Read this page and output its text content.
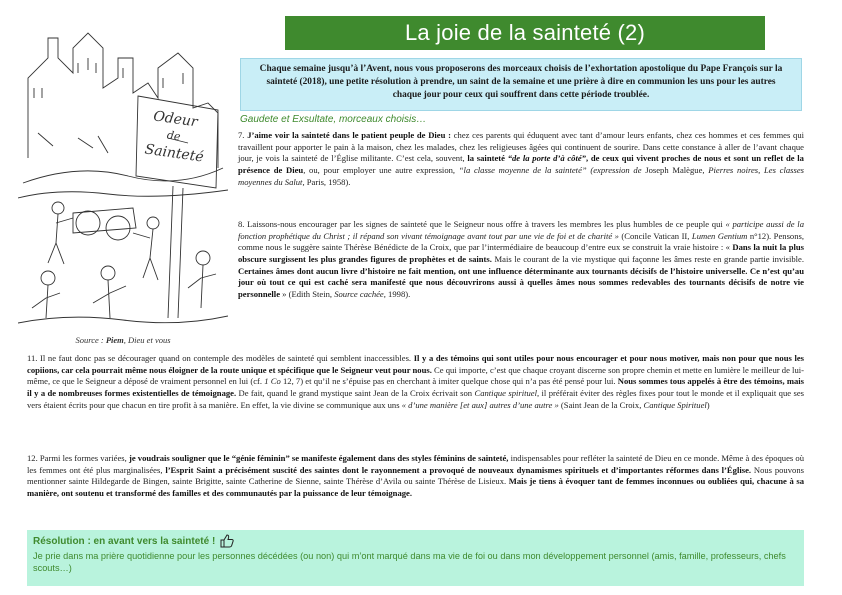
La joie de la sainteté (2)
Odeur
de
Sainteté
Source : Piem, Dieu et vous
Chaque semaine jusqu’à l’Avent, nous vous proposerons des morceaux choisis de l’exhortation apostolique du Pape François sur la sainteté (2018), une petite résolution à prendre, un saint de la semaine et une prière à dire en communion les uns pour les autres chaque jour pour ceux qui souffrent dans cette période troublée.
Gaudete et Exsultate, morceaux choisis…
7. J’aime voir la sainteté dans le patient peuple de Dieu : chez ces parents qui éduquent avec tant d’amour leurs enfants, chez ces hommes et ces femmes qui travaillent pour apporter le pain à la maison, chez les malades, chez les religieuses âgées qui continuent de sourire. Dans cette constance à aller de l’avant chaque jour, je vois la sainteté de l’Église militante. C’est cela, souvent, la sainteté “de la porte d’à côté”, de ceux qui vivent proches de nous et sont un reflet de la présence de Dieu, ou, pour employer une autre expression, “la classe moyenne de la sainteté” (expression de Joseph Malègue, Pierres noires, Les classes moyennes du Salut, Paris, 1958).
8. Laissons-nous encourager par les signes de sainteté que le Seigneur nous offre à travers les membres les plus humbles de ce peuple qui « participe aussi de la fonction prophétique du Christ ; il répand son vivant témoignage avant tout par une vie de foi et de charité » (Concile Vatican II, Lumen Gentium n°12). Pensons, comme nous le suggère sainte Thérèse Bénédicte de la Croix, que par l’intermédiaire de beaucoup d’entre eux se construit la vraie histoire : « Dans la nuit la plus obscure surgissent les plus grandes figures de prophètes et de saints. Mais le courant de la vie mystique qui façonne les âmes reste en grande partie invisible. Certaines âmes dont aucun livre d’histoire ne fait mention, ont une influence déterminante aux tournants décisifs de l’histoire universelle. Ce n’est qu’au jour où tout ce qui est caché sera manifesté que nous découvrirons aussi à quelles âmes nous sommes redevables des tournants décisifs de notre vie personnelle » (Edith Stein, Source cachée, 1998).
11. Il ne faut donc pas se décourager quand on contemple des modèles de sainteté qui semblent inaccessibles. Il y a des témoins qui sont utiles pour nous encourager et pour nous motiver, mais non pour que nous les copiions, car cela pourrait même nous éloigner de la route unique et spécifique que le Seigneur veut pour nous. Ce qui importe, c’est que chaque croyant discerne son propre chemin et mette en lumière le meilleur de lui-même, ce que le Seigneur a déposé de vraiment personnel en lui (cf. 1 Co 12, 7) et qu’il ne s’épuise pas en cherchant à imiter quelque chose qui n’a pas été pensé pour lui. Nous sommes tous appelés à être des témoins, mais il y a de nombreuses formes existentielles de témoignage. De fait, quand le grand mystique saint Jean de la Croix écrivait son Cantique spirituel, il préférait éviter des règles fixes pour tout le monde et il expliquait que ses vers étaient écrits pour que chacun en tire profit à sa manière. En effet, la vie divine se communique aux uns « d’une manière [et aux] autres d’une autre » (Saint Jean de la Croix, Cantique Spirituel)
12. Parmi les formes variées, je voudrais souligner que le “génie féminin” se manifeste également dans des styles féminins de sainteté, indispensables pour refléter la sainteté de Dieu en ce monde. Même à des époques où les femmes ont été plus marginalisées, l’Esprit Saint a précisément suscité des saintes dont le rayonnement a provoqué de nouveaux dynamismes spirituels et d’importantes réformes dans l’Église. Nous pouvons mentionner sainte Hildegarde de Bingen, sainte Brigitte, sainte Catherine de Sienne, sainte Thérèse d’Avila ou sainte Thérèse de Lisieux. Mais je tiens à évoquer tant de femmes inconnues ou oubliées qui, chacune à sa manière, ont soutenu et transformé des familles et des communautés par la puissance de leur témoignage.
Résolution : en avant vers la sainteté !
Je prie dans ma prière quotidienne pour les personnes décédées (ou non) qui m’ont marqué dans ma vie de foi ou dans mon développement personnel (amis, famille, professeurs, chefs scouts…)
